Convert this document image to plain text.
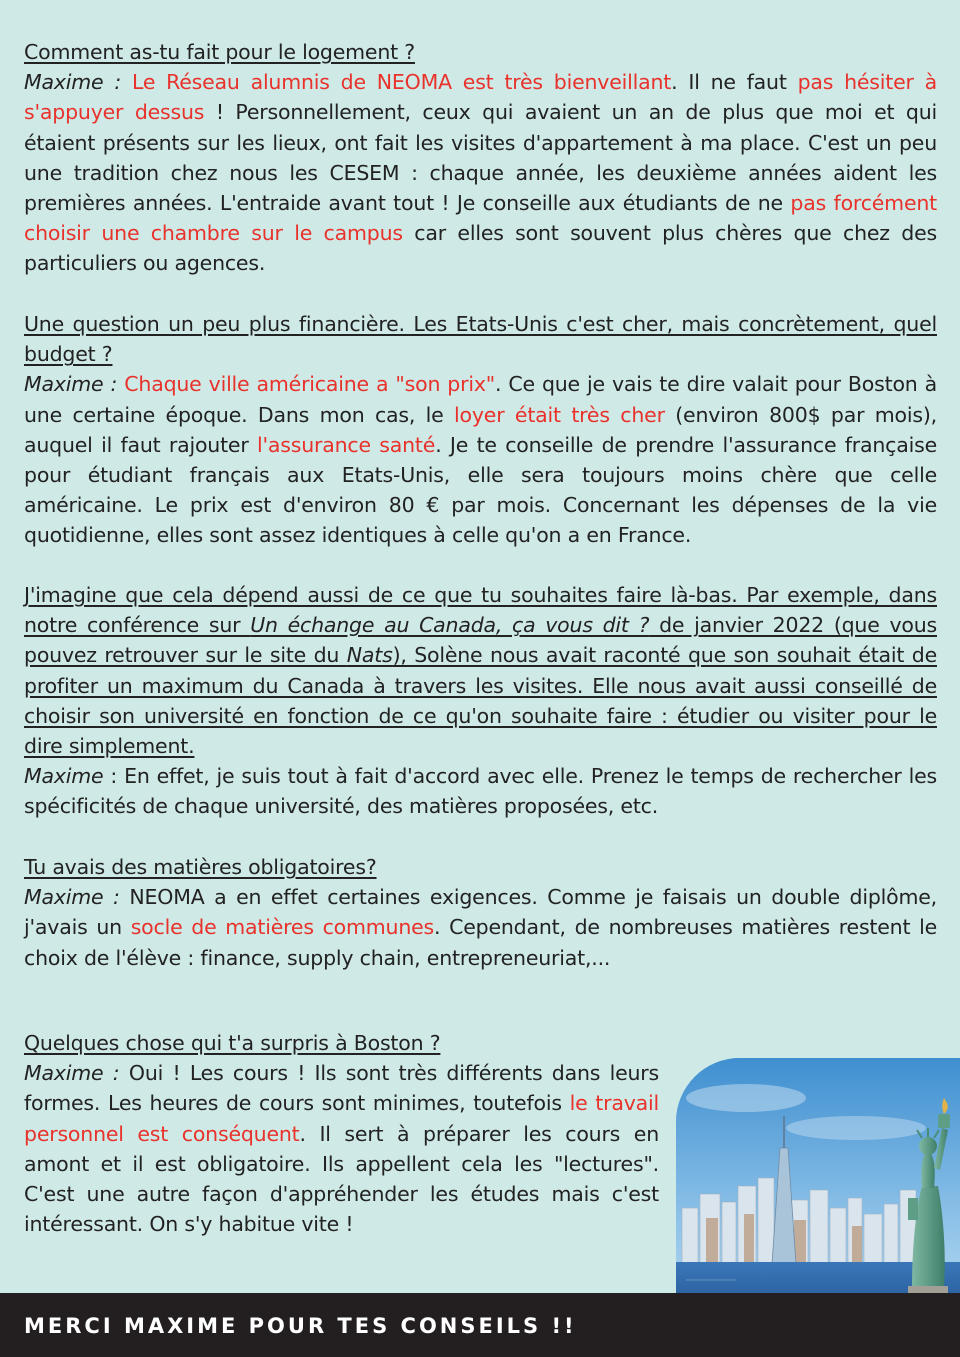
Comment as-tu fait pour le logement ?
Maxime : Le Réseau alumnis de NEOMA est très bienveillant. Il ne faut pas hésiter à s'appuyer dessus ! Personnellement, ceux qui avaient un an de plus que moi et qui étaient présents sur les lieux, ont fait les visites d'appartement à ma place. C'est un peu une tradition chez nous les CESEM : chaque année, les deuxième années aident les premières années. L'entraide avant tout ! Je conseille aux étudiants de ne pas forcément choisir une chambre sur le campus car elles sont souvent plus chères que chez des particuliers ou agences.
Une question un peu plus financière. Les Etats-Unis c'est cher, mais concrètement, quel budget ?
Maxime : Chaque ville américaine a "son prix". Ce que je vais te dire valait pour Boston à une certaine époque. Dans mon cas, le loyer était très cher (environ 800$ par mois), auquel il faut rajouter l'assurance santé. Je te conseille de prendre l'assurance française pour étudiant français aux Etats-Unis, elle sera toujours moins chère que celle américaine. Le prix est d'environ 80 € par mois. Concernant les dépenses de la vie quotidienne, elles sont assez identiques à celle qu'on a en France.
J'imagine que cela dépend aussi de ce que tu souhaites faire là-bas. Par exemple, dans notre conférence sur Un échange au Canada, ça vous dit ? de janvier 2022 (que vous pouvez retrouver sur le site du Nats), Solène nous avait raconté que son souhait était de profiter un maximum du Canada à travers les visites. Elle nous avait aussi conseillé de choisir son université en fonction de ce qu'on souhaite faire : étudier ou visiter pour le dire simplement.
Maxime : En effet, je suis tout à fait d'accord avec elle. Prenez le temps de rechercher les spécificités de chaque université, des matières proposées, etc.
Tu avais des matières obligatoires?
Maxime : NEOMA a en effet certaines exigences. Comme je faisais un double diplôme, j'avais un socle de matières communes. Cependant, de nombreuses matières restent le choix de l'élève : finance, supply chain, entrepreneuriat,...
Quelques chose qui t'a surpris à Boston ?
Maxime : Oui ! Les cours ! Ils sont très différents dans leurs formes. Les heures de cours sont minimes, toutefois le travail personnel est conséquent. Il sert à préparer les cours en amont et il est obligatoire. Ils appellent cela les "lectures". C'est une autre façon d'appréhender les études mais c'est intéressant. On s'y habitue vite !
MERCI MAXIME POUR TES CONSEILS !!
